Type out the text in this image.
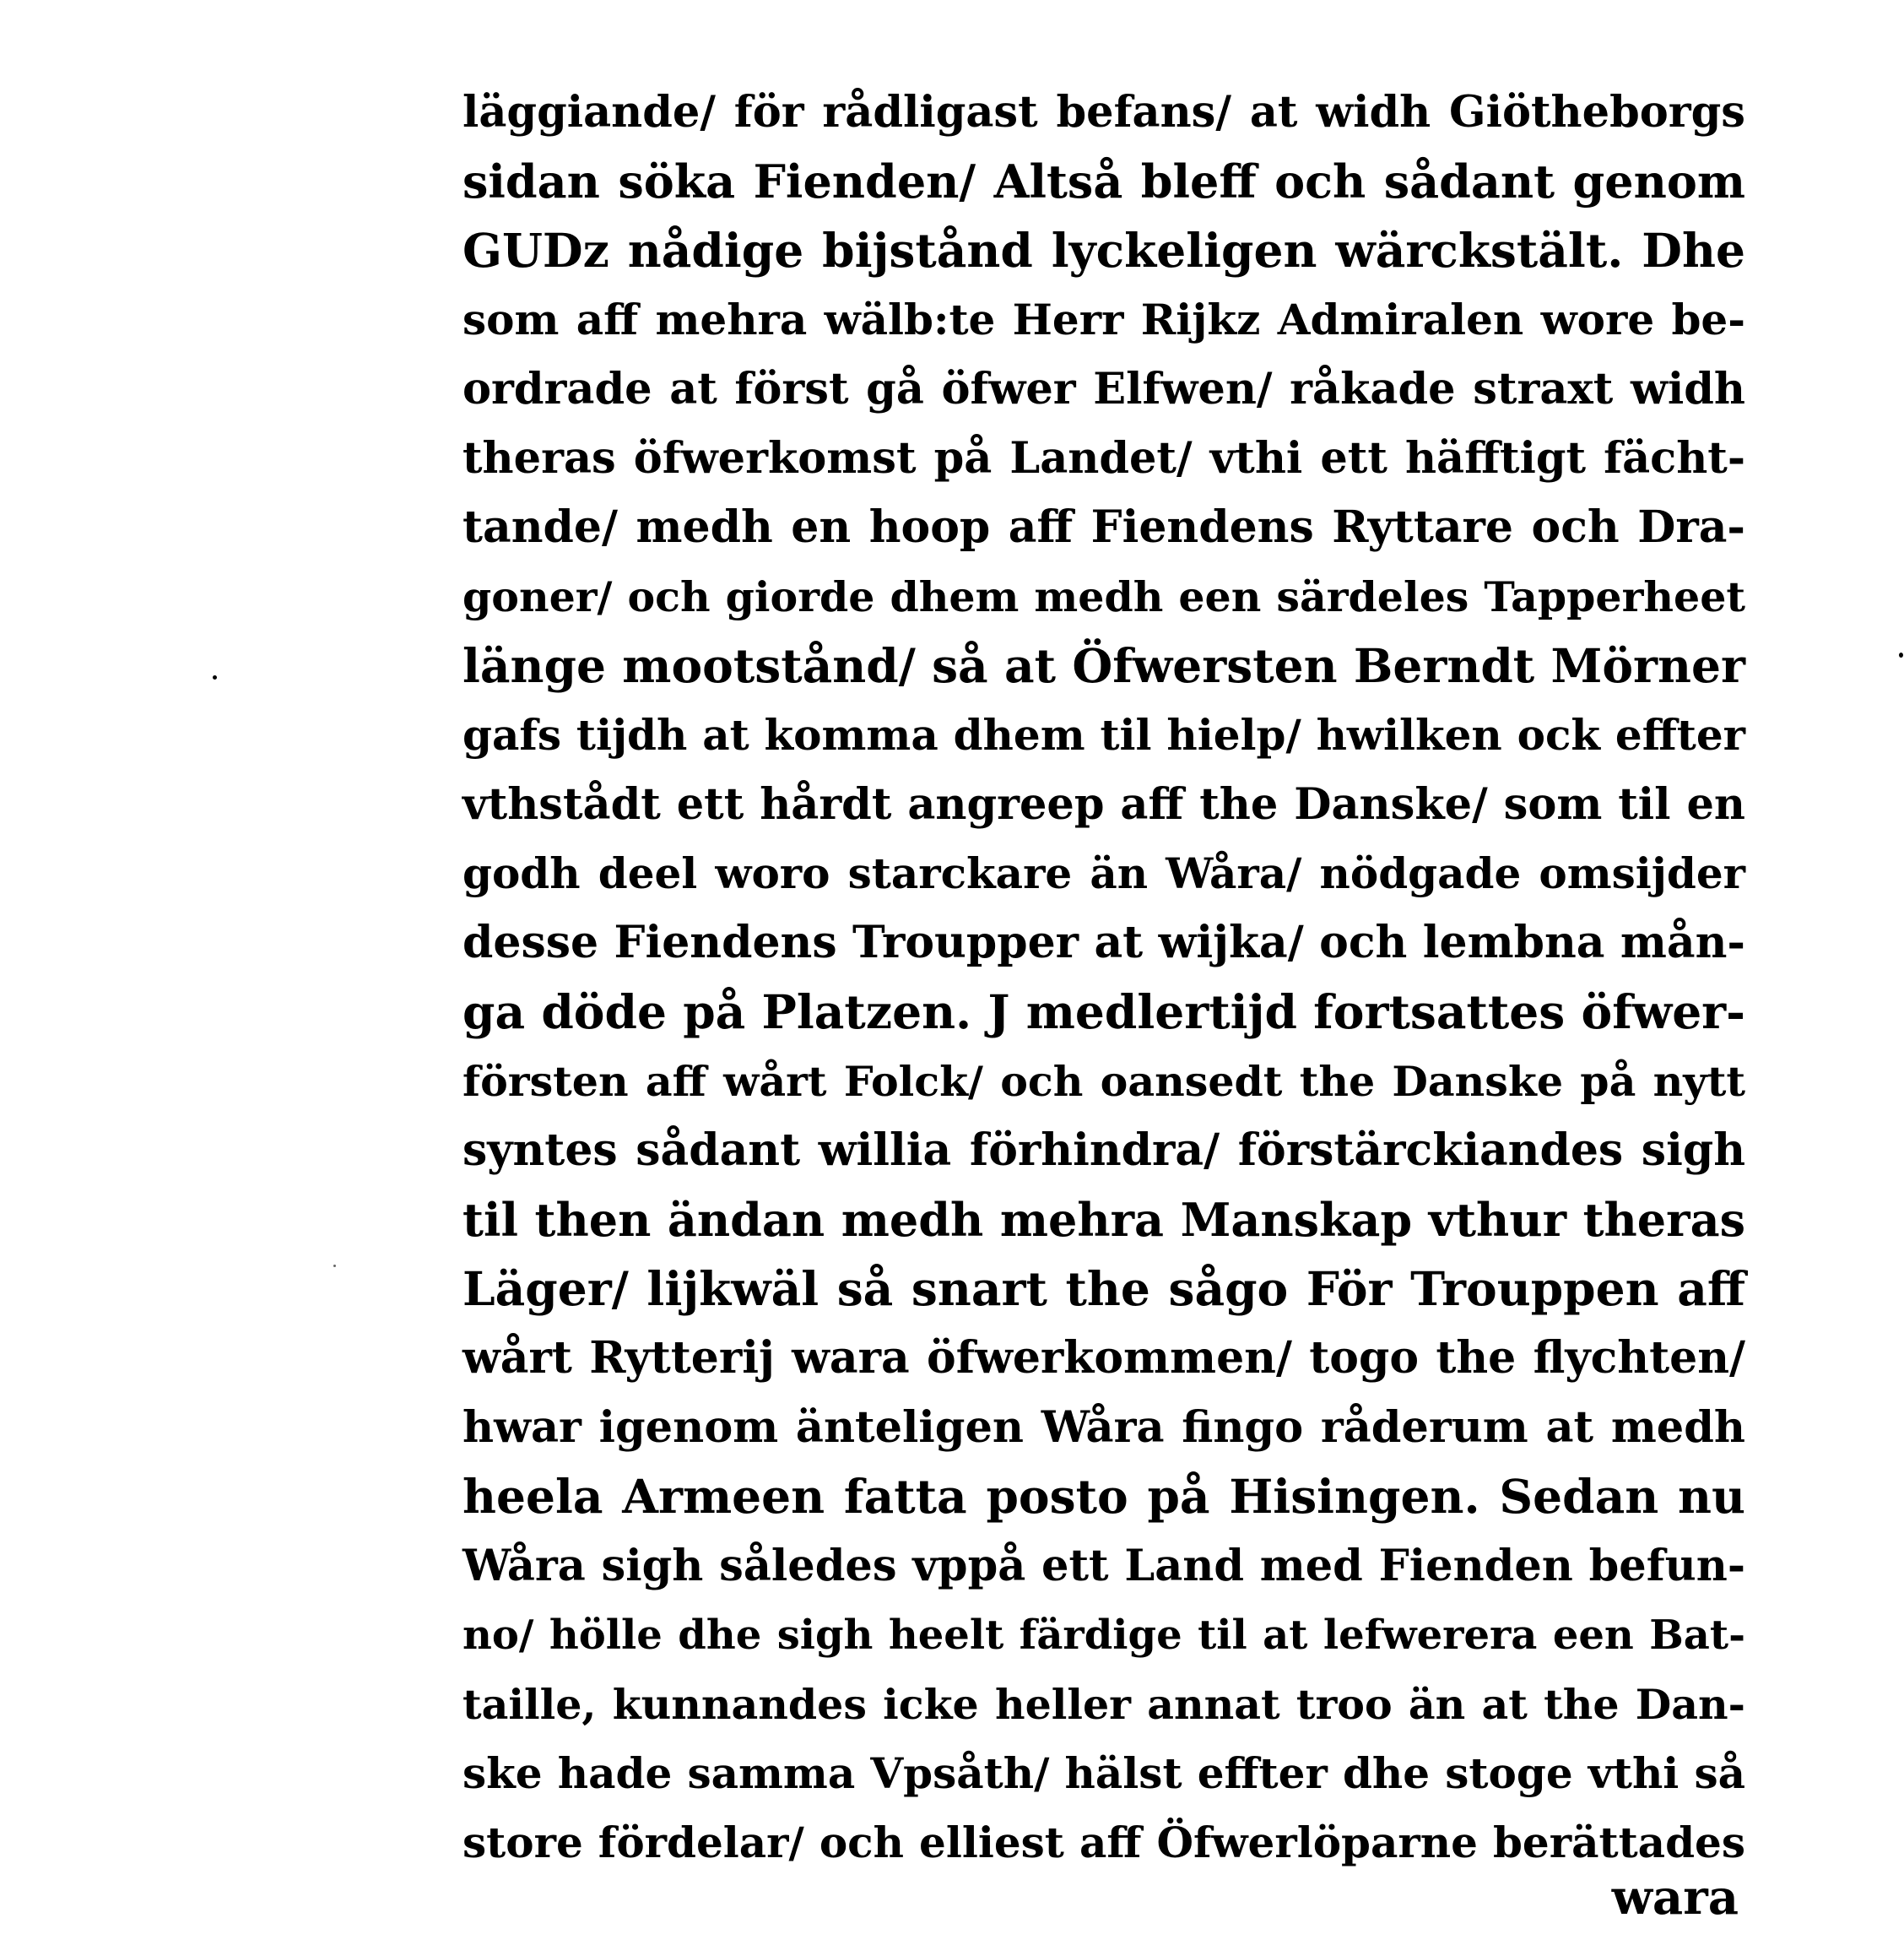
läggiande/ för rådligast befans/ at widh Giötheborgs
sidan söka Fienden/ Altså bleff och sådant genom
GUDz nådige bijstånd lyckeligen wärckstält. Dhe
som aff mehra wälb:te Herr Rijkz Admiralen wore be-
ordrade at först gå öfwer Elfwen/ råkade straxt widh
theras öfwerkomst på Landet/ vthi ett häfftigt fächt-
tande/ medh en hoop aff Fiendens Ryttare och Dra-
goner/ och giorde dhem medh een särdeles Tapperheet
länge mootstånd/ så at Öfwersten Berndt Mörner
gafs tijdh at komma dhem til hielp/ hwilken ock effter
vthstådt ett hårdt angreep aff the Danske/ som til en
godh deel woro starckare än Wåra/ nödgade omsijder
desse Fiendens Troupper at wijka/ och lembna mån-
ga döde på Platzen. J medlertijd fortsattes öfwer-
försten aff wårt Folck/ och oansedt the Danske på nytt
syntes sådant willia förhindra/ förstärckiandes sigh
til then ändan medh mehra Manskap vthur theras
Läger/ lijkwäl så snart the sågo För Trouppen aff
wårt Rytterij wara öfwerkommen/ togo the flychten/
hwar igenom änteligen Wåra fingo råderum at medh
heela Armeen fatta posto på Hisingen. Sedan nu
Wåra sigh således vppå ett Land med Fienden befun-
no/ hölle dhe sigh heelt färdige til at lefwerera een Bat-
taille, kunnandes icke heller annat troo än at the Dan-
ske hade samma Vpsåth/ hälst effter dhe stoge vthi så
store fördelar/ och elliest aff Öfwerlöparne berättades
wara
